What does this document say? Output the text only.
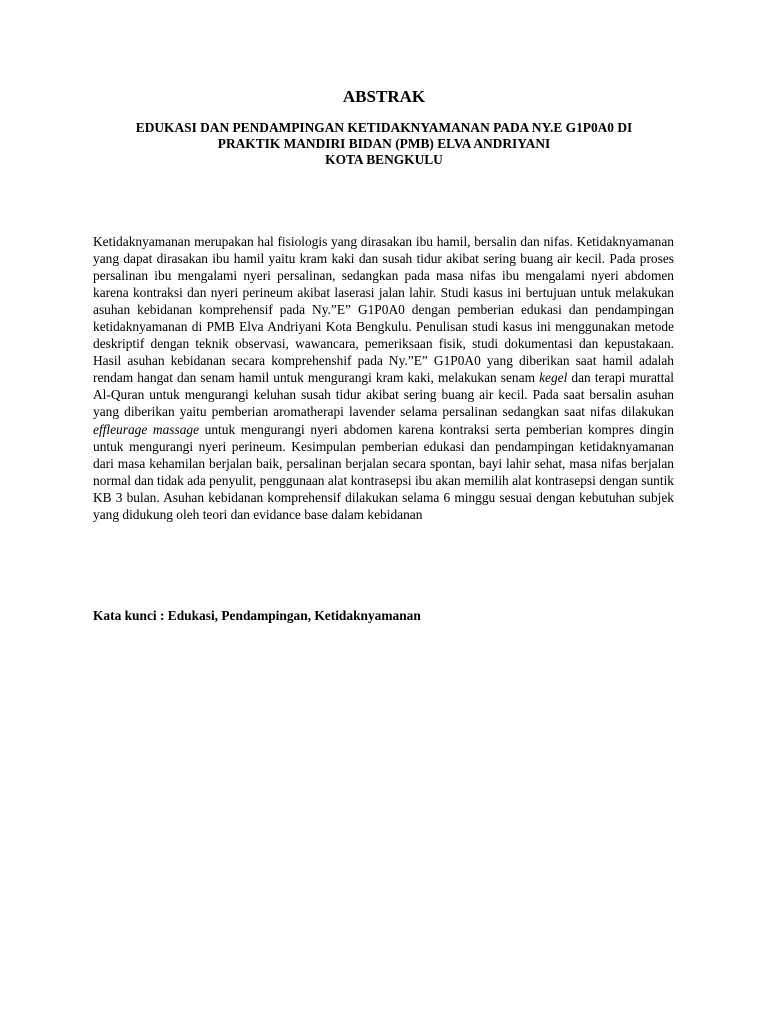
ABSTRAK
EDUKASI DAN PENDAMPINGAN KETIDAKNYAMANAN PADA NY.E G1P0A0 DI
PRAKTIK MANDIRI BIDAN (PMB) ELVA ANDRIYANI
KOTA BENGKULU
Ketidaknyamanan merupakan hal fisiologis yang dirasakan ibu hamil, bersalin dan nifas. Ketidaknyamanan yang dapat dirasakan ibu hamil yaitu kram kaki dan susah tidur akibat sering buang air kecil. Pada proses persalinan ibu mengalami nyeri persalinan, sedangkan pada masa nifas ibu mengalami nyeri abdomen karena kontraksi dan nyeri perineum akibat laserasi jalan lahir. Studi kasus ini bertujuan untuk melakukan asuhan kebidanan komprehensif pada Ny.”E” G1P0A0 dengan pemberian edukasi dan pendampingan ketidaknyamanan di PMB Elva Andriyani Kota Bengkulu. Penulisan studi kasus ini menggunakan metode deskriptif dengan teknik observasi, wawancara, pemeriksaan fisik, studi dokumentasi dan kepustakaan. Hasil asuhan kebidanan secara komprehenshif pada Ny.”E” G1P0A0 yang diberikan saat hamil adalah rendam hangat dan senam hamil untuk mengurangi kram kaki, melakukan senam kegel dan terapi murattal Al-Quran untuk mengurangi keluhan susah tidur akibat sering buang air kecil. Pada saat bersalin asuhan yang diberikan yaitu pemberian aromatherapi lavender selama persalinan sedangkan saat nifas dilakukan effleurage massage untuk mengurangi nyeri abdomen karena kontraksi serta pemberian kompres dingin untuk mengurangi nyeri perineum. Kesimpulan pemberian edukasi dan pendampingan ketidaknyamanan dari masa kehamilan berjalan baik, persalinan berjalan secara spontan, bayi lahir sehat, masa nifas berjalan normal dan tidak ada penyulit, penggunaan alat kontrasepsi ibu akan memilih alat kontrasepsi dengan suntik KB 3 bulan. Asuhan kebidanan komprehensif dilakukan selama 6 minggu sesuai dengan kebutuhan subjek yang didukung oleh teori dan evidance base dalam kebidanan
Kata kunci : Edukasi, Pendampingan, Ketidaknyamanan
